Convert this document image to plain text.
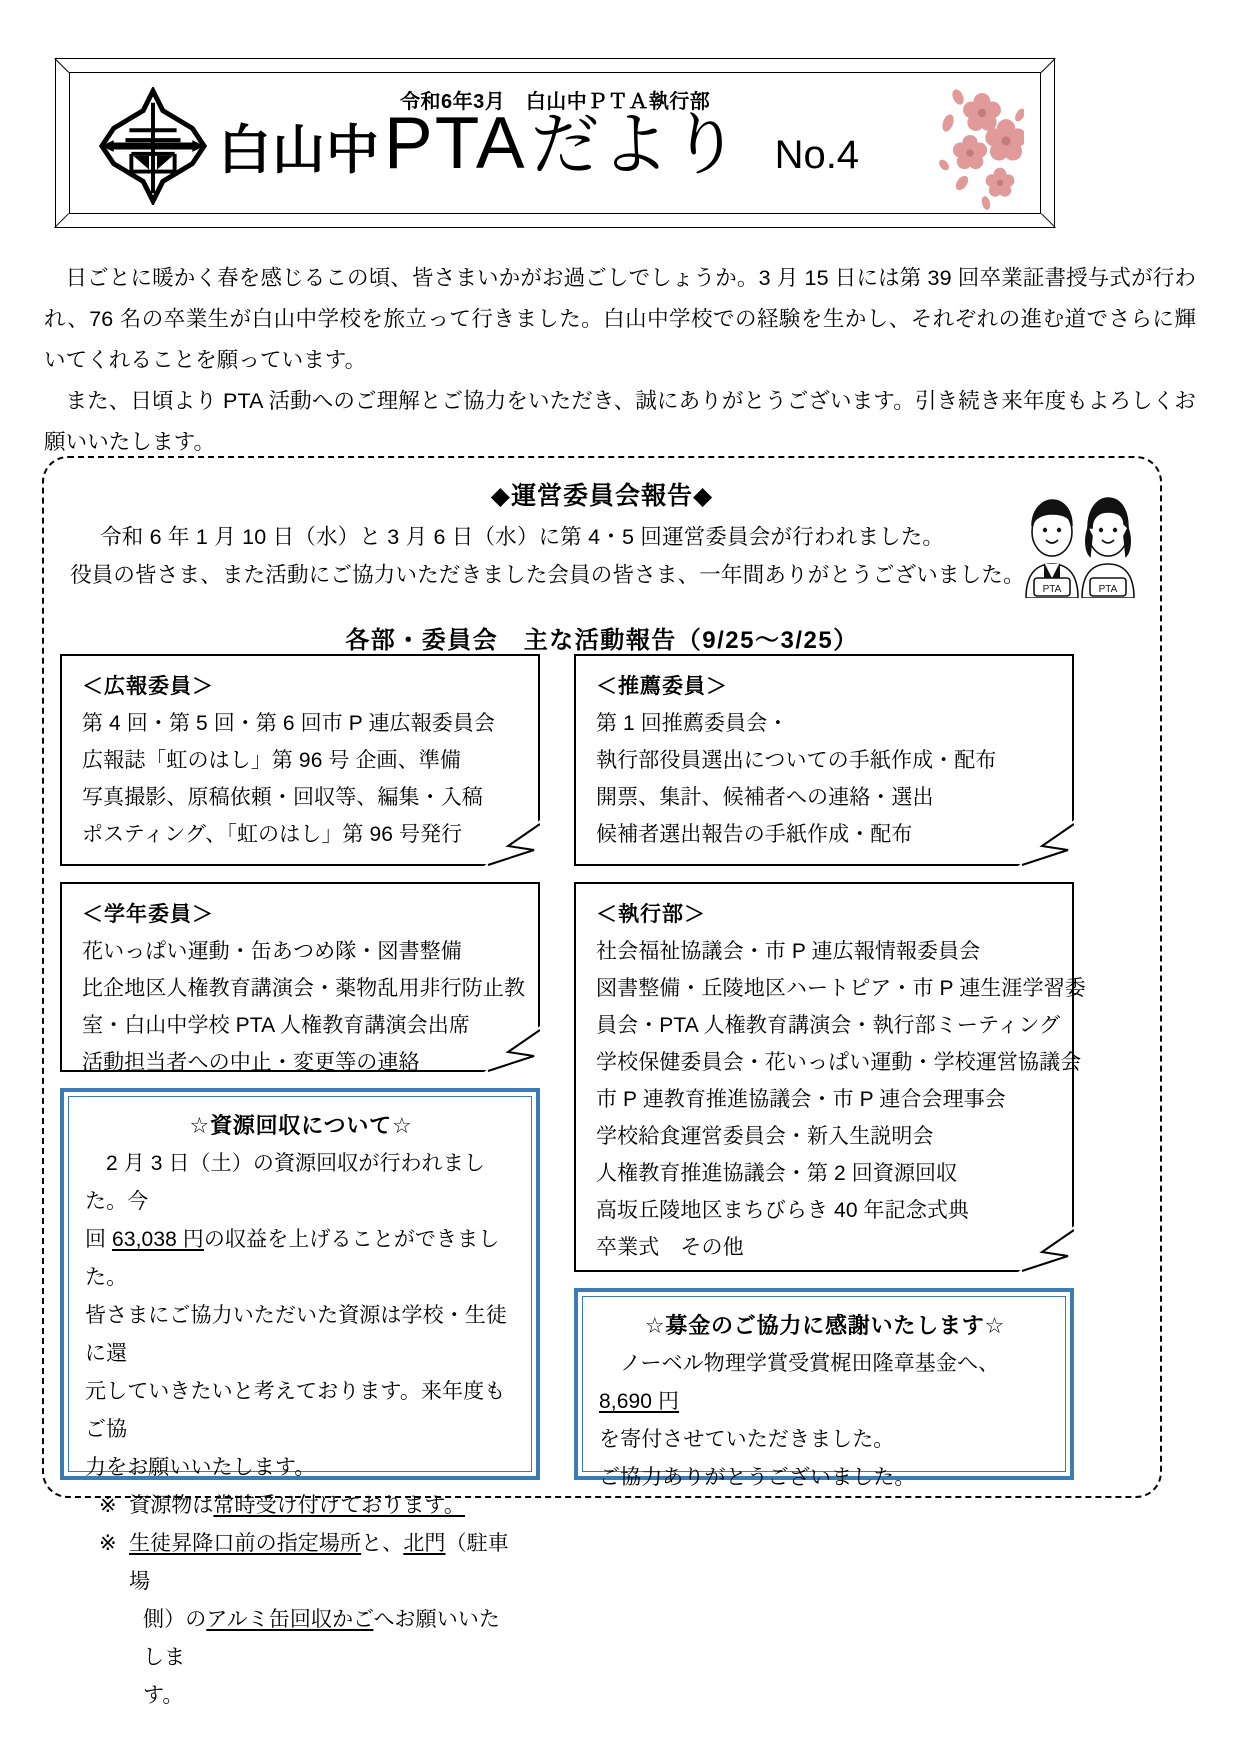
令和6年3月　白山中ＰＴＡ執行部
白山中 PTA だより No.4

日ごとに暖かく春を感じるこの頃、皆さまいかがお過ごしでしょうか。3 月 15 日には第 39 回卒業証書授与式が行われ、76 名の卒業生が白山中学校を旅立って行きました。白山中学校での経験を生かし、それぞれの進む道でさらに輝いてくれることを願っています。

また、日頃より PTA 活動へのご理解とご協力をいただき、誠にありがとうございます。引き続き来年度もよろしくお願いいたします。

◆運営委員会報告◆
令和 6 年 1 月 10 日（水）と 3 月 6 日（水）に第 4・5 回運営委員会が行われました。
役員の皆さま、また活動にご協力いただきました会員の皆さま、一年間ありがとうございました。
PTA	PTA
各部・委員会　主な活動報告（9/25～3/25）
＜広報委員＞
第 4 回・第 5 回・第 6 回市 P 連広報委員会
広報誌「虹のはし」第 96 号 企画、準備
写真撮影、原稿依頼・回収等、編集・入稿
ポスティング、「虹のはし」第 96 号発行
＜推薦委員＞
第 1 回推薦委員会・
執行部役員選出についての手紙作成・配布
開票、集計、候補者への連絡・選出
候補者選出報告の手紙作成・配布
＜学年委員＞
花いっぱい運動・缶あつめ隊・図書整備
比企地区人権教育講演会・薬物乱用非行防止教
室・白山中学校 PTA 人権教育講演会出席
活動担当者への中止・変更等の連絡
＜執行部＞
社会福祉協議会・市 P 連広報情報委員会
図書整備・丘陵地区ハートピア・市 P 連生涯学習委
員会・PTA 人権教育講演会・執行部ミーティング
学校保健委員会・花いっぱい運動・学校運営協議会
市 P 連教育推進協議会・市 P 連合会理事会
学校給食運営委員会・新入生説明会
人権教育推進協議会・第 2 回資源回収
高坂丘陵地区まちびらき 40 年記念式典
卒業式　その他
☆資源回収について☆
2 月 3 日（土）の資源回収が行われました。今
回 63,038 円の収益を上げることができました。
皆さまにご協力いただいた資源は学校・生徒に還
元していきたいと考えております。来年度もご協
力をお願いいたします。
※ 資源物は常時受け付けております。
※ 生徒昇降口前の指定場所と、北門（駐車場
側）のアルミ缶回収かごへお願いいたしま
す。
☆募金のご協力に感謝いたします☆
ノーベル物理学賞受賞梶田隆章基金へ、8,690 円
を寄付させていただきました。
ご協力ありがとうございました。
